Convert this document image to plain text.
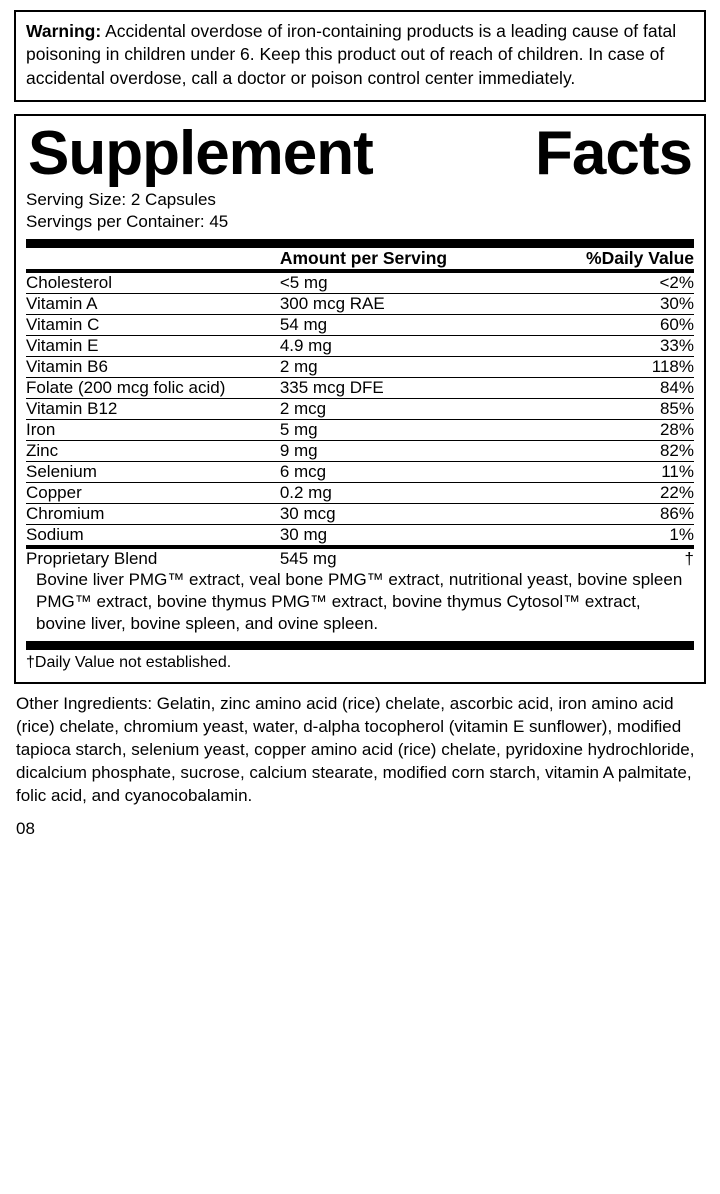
Warning: Accidental overdose of iron-containing products is a leading cause of fatal poisoning in children under 6. Keep this product out of reach of children. In case of accidental overdose, call a doctor or poison control center immediately.

Supplement	Facts
Serving Size: 2 Capsules
Servings per Container: 45
	Amount per Serving	%Daily Value
Cholesterol	<5 mg	<2%
Vitamin A	300 mcg RAE	30%
Vitamin C	54 mg	60%
Vitamin E	4.9 mg	33%
Vitamin B6	2 mg	118%
Folate (200 mcg folic acid)	335 mcg DFE	84%
Vitamin B12	2 mcg	85%
Iron	5 mg	28%
Zinc	9 mg	82%
Selenium	6 mcg	11%
Copper	0.2 mg	22%
Chromium	30 mcg	86%
Sodium	30 mg	1%
Proprietary Blend	545 mg	†
Bovine liver PMG™ extract, veal bone PMG™ extract, nutritional yeast, bovine spleen PMG™ extract, bovine thymus PMG™ extract, bovine thymus Cytosol™ extract, bovine liver, bovine spleen, and ovine spleen.
†Daily Value not established.
Other Ingredients: Gelatin, zinc amino acid (rice) chelate, ascorbic acid, iron amino acid (rice) chelate, chromium yeast, water, d-alpha tocopherol (vitamin E sunflower), modified tapioca starch, selenium yeast, copper amino acid (rice) chelate, pyridoxine hydrochloride, dicalcium phosphate, sucrose, calcium stearate, modified corn starch, vitamin A palmitate, folic acid, and cyanocobalamin.
08
